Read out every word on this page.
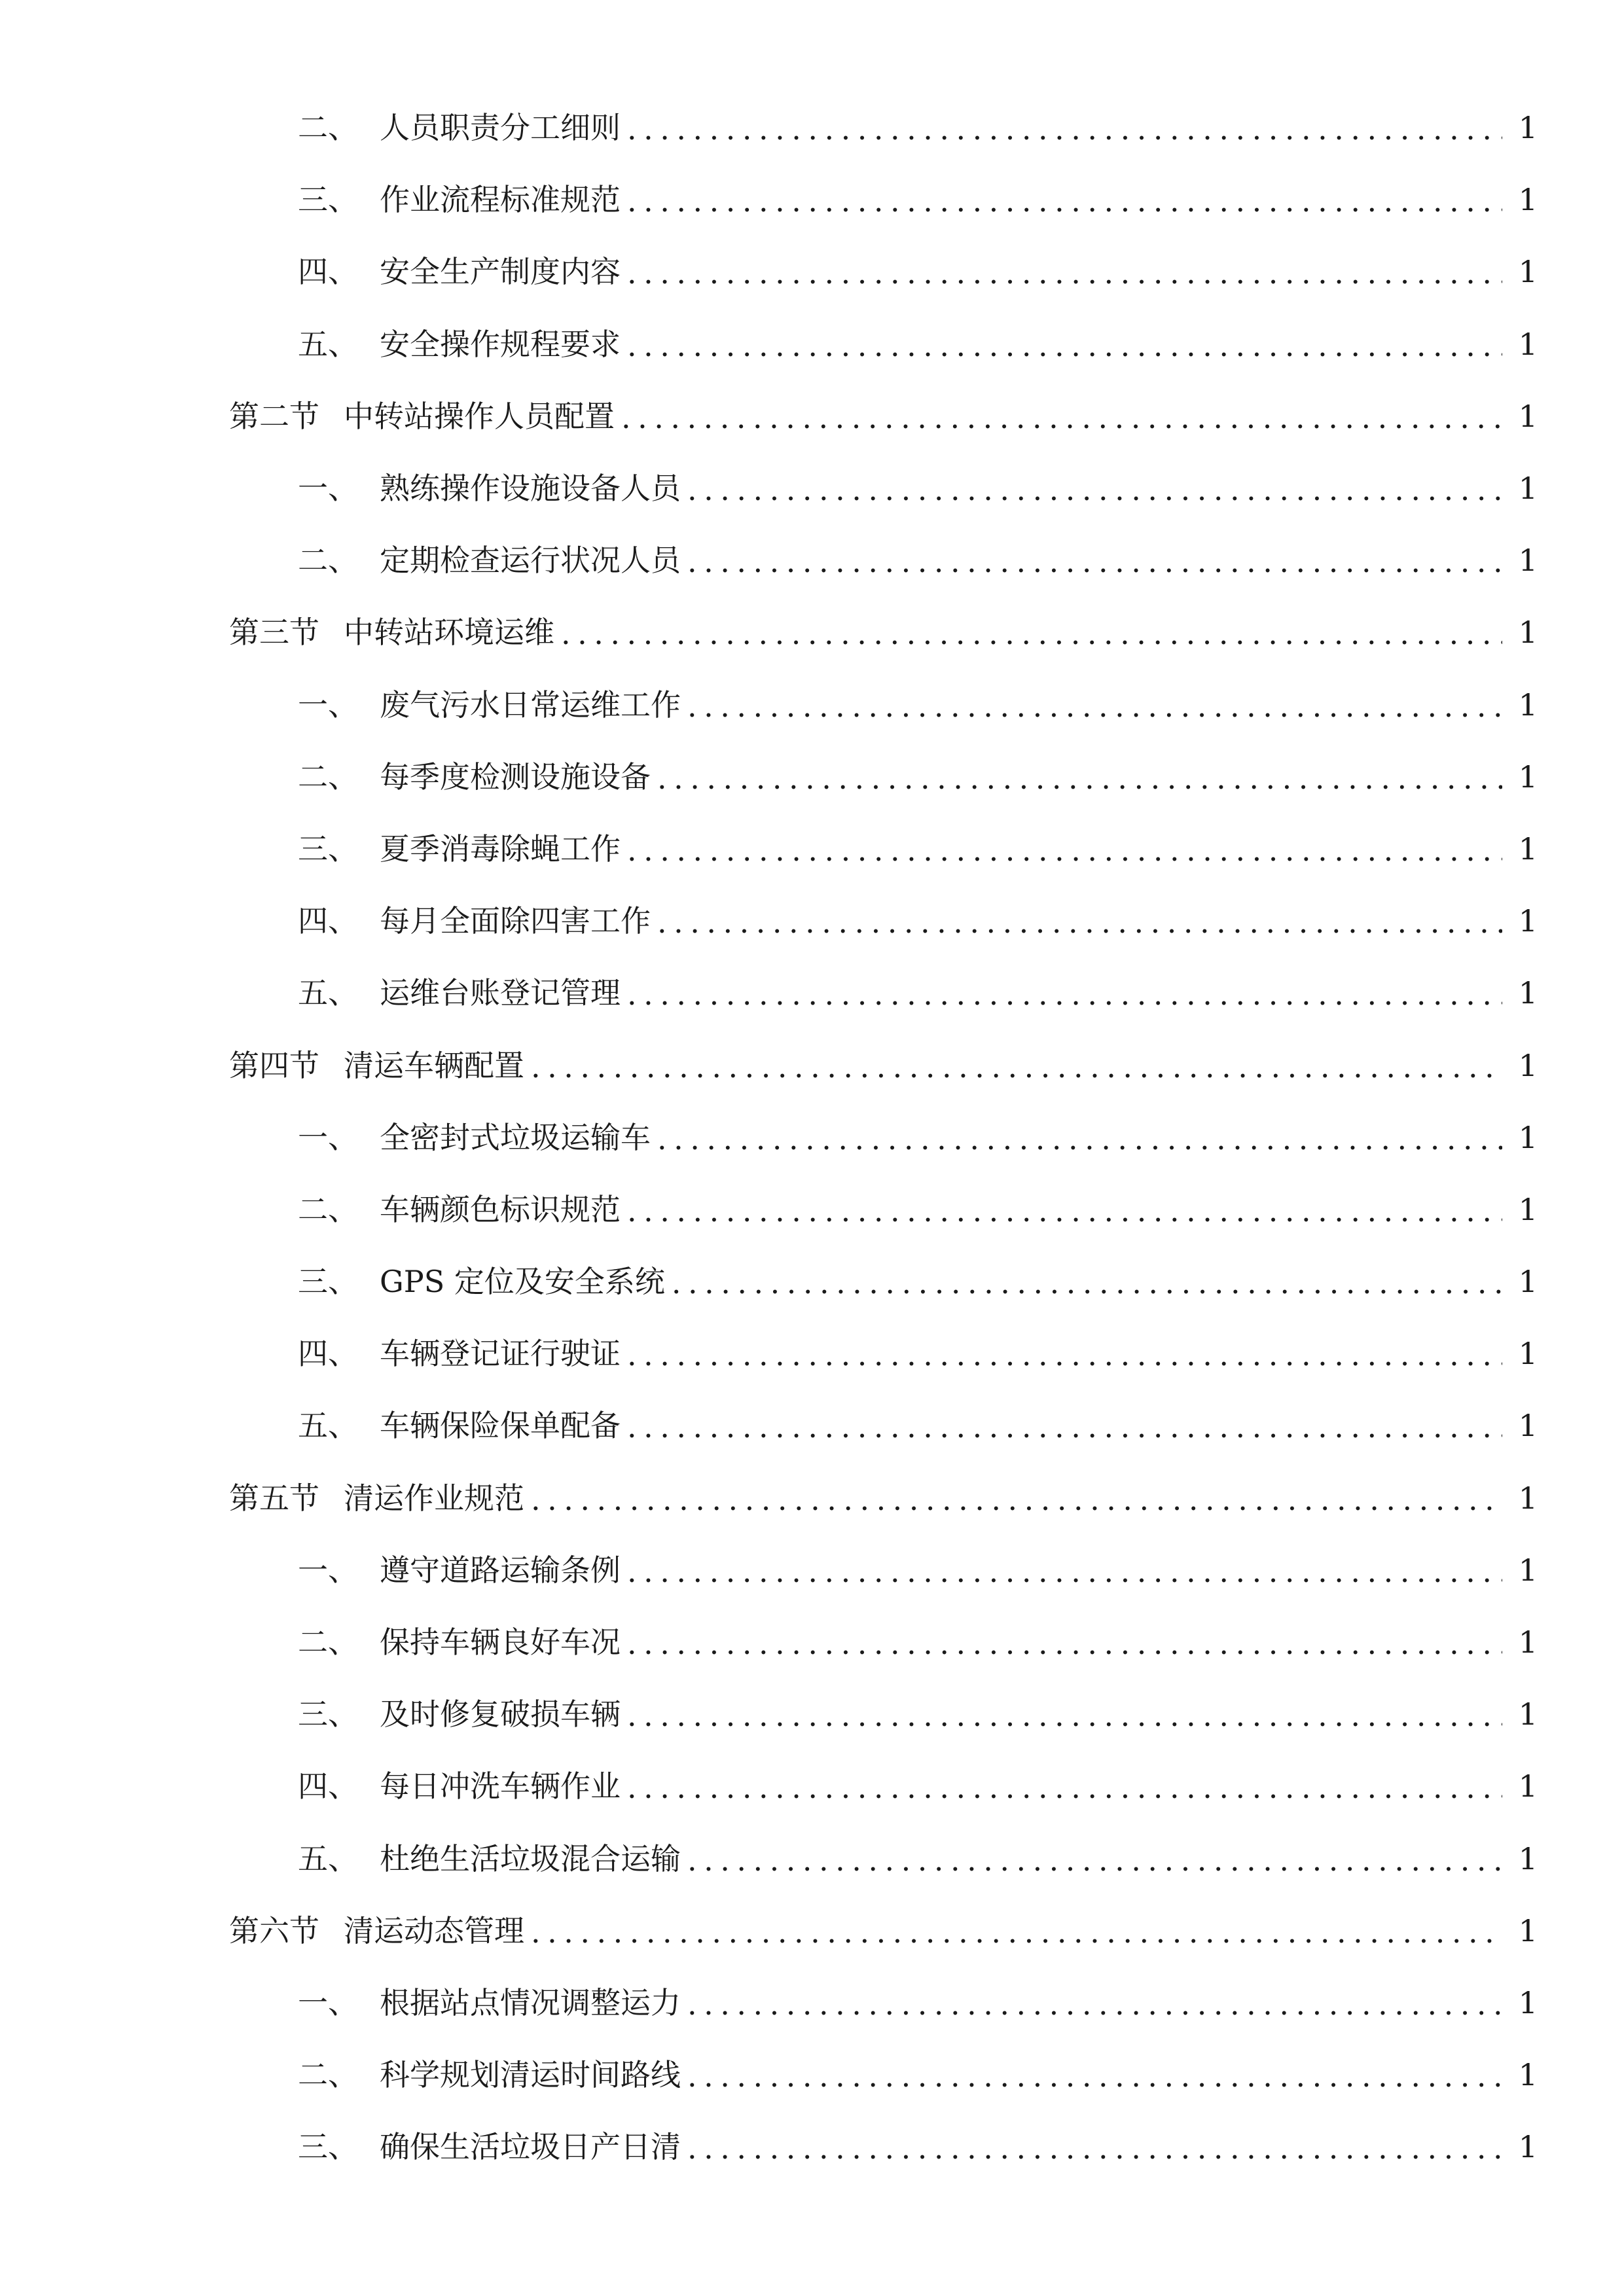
二、 人员职责分工细则 .....	1
三、 作业流程标准规范 .....	1
四、 安全生产制度内容 .....	1
五、 安全操作规程要求 .....	1
第二节 中转站操作人员配置 .....	1
一、 熟练操作设施设备人员 .....	1
二、 定期检查运行状况人员 .....	1
第三节 中转站环境运维 .....	1
一、 废气污水日常运维工作 .....	1
二、 每季度检测设施设备 .....	1
三、 夏季消毒除蝇工作 .....	1
四、 每月全面除四害工作 .....	1
五、 运维台账登记管理 .....	1
第四节 清运车辆配置 .....	1
一、 全密封式垃圾运输车 .....	1
二、 车辆颜色标识规范 .....	1
三、 GPS 定位及安全系统 .....	1
四、 车辆登记证行驶证 .....	1
五、 车辆保险保单配备 .....	1
第五节 清运作业规范 .....	1
一、 遵守道路运输条例 .....	1
二、 保持车辆良好车况 .....	1
三、 及时修复破损车辆 .....	1
四、 每日冲洗车辆作业 .....	1
五、 杜绝生活垃圾混合运输 .....	1
第六节 清运动态管理 .....	1
一、 根据站点情况调整运力 .....	1
二、 科学规划清运时间路线 .....	1
三、 确保生活垃圾日产日清 .....	1
